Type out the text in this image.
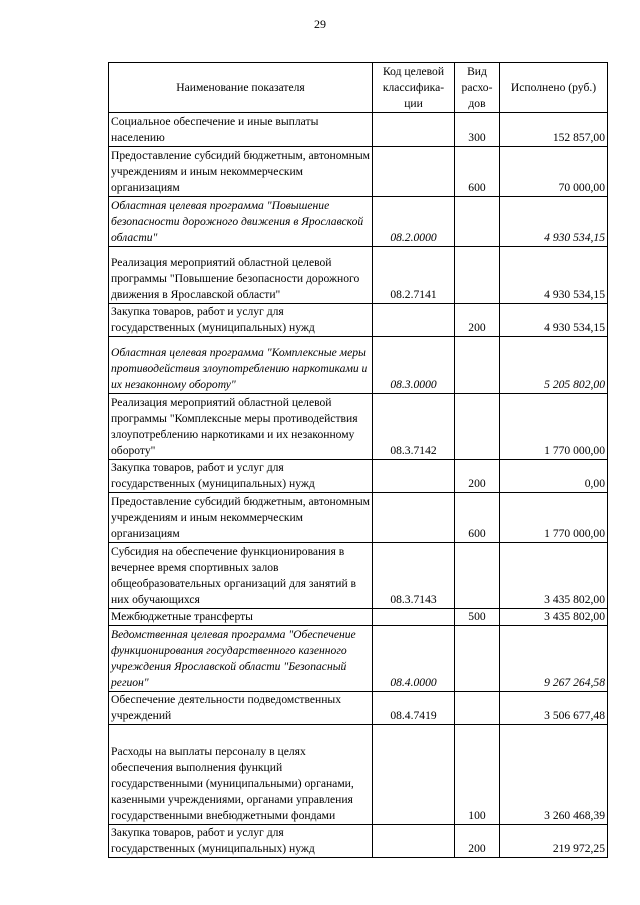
29
Наименование показателя	Код целевой классифика-ции	Вид расхо-дов	Исполнено (руб.)
Социальное обеспечение и иные выплаты населению		300	152 857,00
Предоставление субсидий бюджетным, автономным учреждениям и иным некоммерческим организациям		600	70 000,00
Областная целевая программа "Повышение безопасности дорожного движения в Ярославской области"	08.2.0000		4 930 534,15
Реализация мероприятий областной целевой программы "Повышение безопасности дорожного движения в Ярославской области"	08.2.7141		4 930 534,15
Закупка товаров, работ и услуг для государственных (муниципальных) нужд		200	4 930 534,15
Областная целевая программа "Комплексные меры противодействия злоупотреблению наркотиками и их незаконному обороту"	08.3.0000		5 205 802,00
Реализация мероприятий областной целевой программы "Комплексные меры противодействия злоупотреблению наркотиками и их незаконному обороту"	08.3.7142		1 770 000,00
Закупка товаров, работ и услуг для государственных (муниципальных) нужд		200	0,00
Предоставление субсидий бюджетным, автономным учреждениям и иным некоммерческим организациям		600	1 770 000,00
Субсидия на обеспечение функционирования в вечернее время спортивных залов общеобразовательных организаций для занятий в них обучающихся	08.3.7143		3 435 802,00
Межбюджетные трансферты		500	3 435 802,00
Ведомственная целевая программа "Обеспечение функционирования государственного казенного учреждения Ярославской области "Безопасный регион"	08.4.0000		9 267 264,58
Обеспечение деятельности подведомственных учреждений	08.4.7419		3 506 677,48
Расходы на выплаты персоналу в целях обеспечения выполнения функций государственными (муниципальными) органами, казенными учреждениями, органами управления государственными внебюджетными фондами		100	3 260 468,39
Закупка товаров, работ и услуг для государственных (муниципальных) нужд		200	219 972,25
